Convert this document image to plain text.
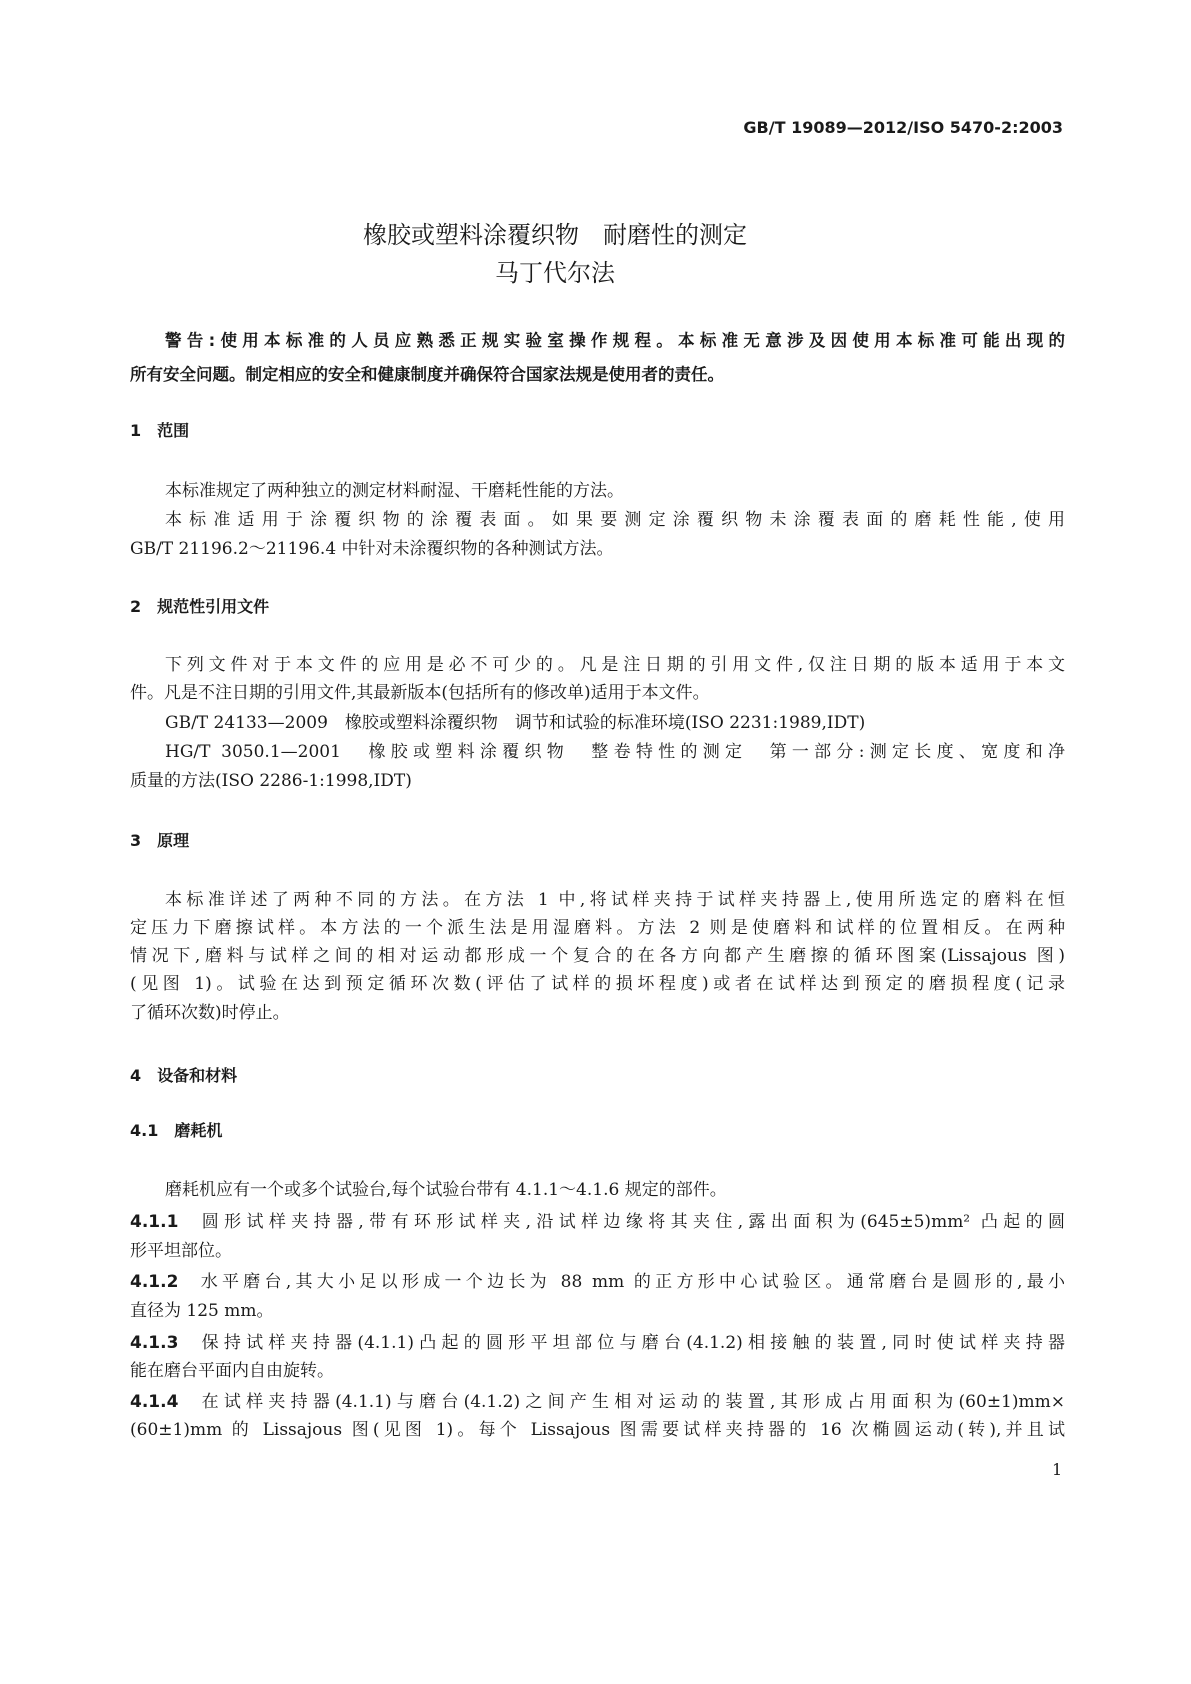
GB/T 19089—2012/ISO 5470-2:2003
橡胶或塑料涂覆织物　耐磨性的测定
马丁代尔法
警告:使用本标准的人员应熟悉正规实验室操作规程。本标准无意涉及因使用本标准可能出现的
所有安全问题。制定相应的安全和健康制度并确保符合国家法规是使用者的责任。
1　范围
本标准规定了两种独立的测定材料耐湿、干磨耗性能的方法。
本标准适用于涂覆织物的涂覆表面。如果要测定涂覆织物未涂覆表面的磨耗性能,使用
GB/T 21196.2～21196.4 中针对未涂覆织物的各种测试方法。
2　规范性引用文件
下列文件对于本文件的应用是必不可少的。凡是注日期的引用文件,仅注日期的版本适用于本文
件。凡是不注日期的引用文件,其最新版本(包括所有的修改单)适用于本文件。
GB/T 24133—2009　橡胶或塑料涂覆织物　调节和试验的标准环境(ISO 2231:1989,IDT)
HG/T 3050.1—2001　橡胶或塑料涂覆织物　整卷特性的测定　第一部分:测定长度、宽度和净
质量的方法(ISO 2286-1:1998,IDT)
3　原理
本标准详述了两种不同的方法。在方法 1 中,将试样夹持于试样夹持器上,使用所选定的磨料在恒
定压力下磨擦试样。本方法的一个派生法是用湿磨料。方法 2 则是使磨料和试样的位置相反。在两种
情况下,磨料与试样之间的相对运动都形成一个复合的在各方向都产生磨擦的循环图案(Lissajous 图)
(见图 1)。试验在达到预定循环次数(评估了试样的损坏程度)或者在试样达到预定的磨损程度(记录
了循环次数)时停止。
4　设备和材料
4.1　磨耗机
磨耗机应有一个或多个试验台,每个试验台带有 4.1.1～4.1.6 规定的部件。
4.1.1 圆形试样夹持器,带有环形试样夹,沿试样边缘将其夹住,露出面积为(645±5)mm² 凸起的圆
形平坦部位。
4.1.2 水平磨台,其大小足以形成一个边长为 88 mm 的正方形中心试验区。通常磨台是圆形的,最小
直径为 125 mm。
4.1.3 保持试样夹持器(4.1.1)凸起的圆形平坦部位与磨台(4.1.2)相接触的装置,同时使试样夹持器
能在磨台平面内自由旋转。
4.1.4 在试样夹持器(4.1.1)与磨台(4.1.2)之间产生相对运动的装置,其形成占用面积为(60±1)mm×
(60±1)mm 的 Lissajous 图(见图 1)。每个 Lissajous 图需要试样夹持器的 16 次椭圆运动(转),并且试
1
